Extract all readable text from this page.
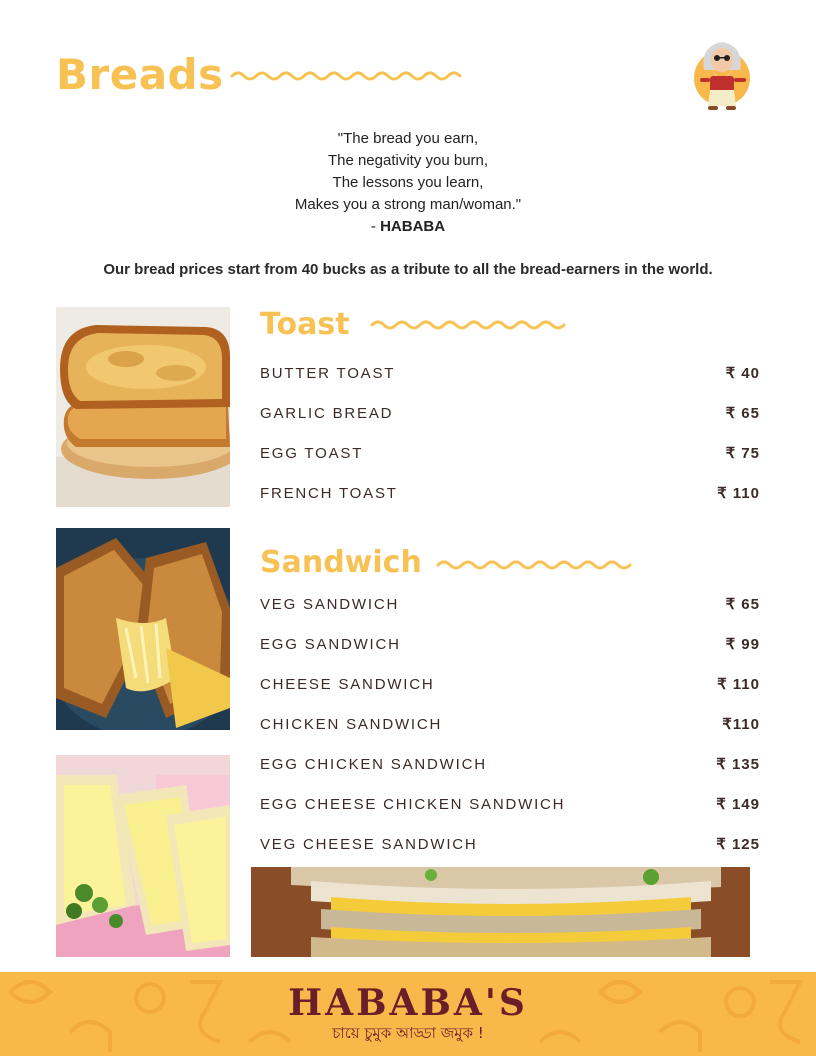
Breads
"The bread you earn,
The negativity you burn,
The lessons you learn,
Makes you a strong man/woman."
- HABABA
Our bread prices start from 40 bucks as a tribute to all the bread-earners in the world.
Toast
BUTTER TOAST	₹ 40
GARLIC BREAD	₹ 65
EGG TOAST	₹ 75
FRENCH TOAST	₹ 110
Sandwich
VEG SANDWICH	₹ 65
EGG SANDWICH	₹ 99
CHEESE SANDWICH	₹ 110
CHICKEN SANDWICH	₹110
EGG CHICKEN SANDWICH	₹ 135
EGG CHEESE CHICKEN SANDWICH	₹ 149
VEG CHEESE SANDWICH	₹ 125
HABABA'S
চায়ে চুমুক আড্ডা জমুক !
